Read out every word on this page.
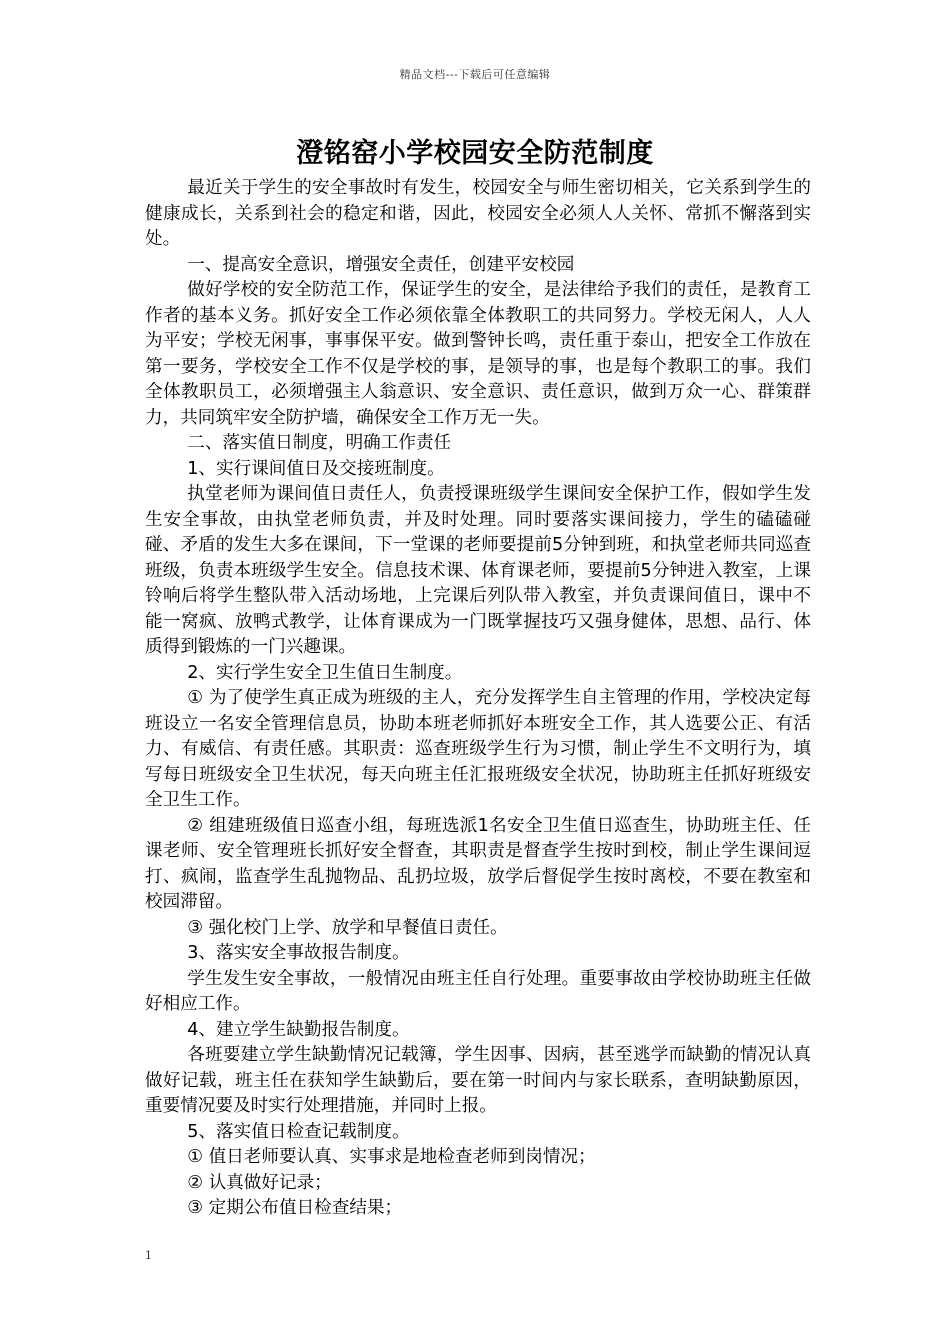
精品文档---下载后可任意编辑
澄铭窑小学校园安全防范制度

最近关于学生的安全事故时有发生，校园安全与师生密切相关，它关系到学生的健康成长，关系到社会的稳定和谐，因此，校园安全必须人人关怀、常抓不懈落到实处。

一、提高安全意识，增强安全责任，创建平安校园

做好学校的安全防范工作，保证学生的安全，是法律给予我们的责任，是教育工作者的基本义务。抓好安全工作必须依靠全体教职工的共同努力。学校无闲人，人人为平安；学校无闲事，事事保平安。做到警钟长鸣，责任重于泰山，把安全工作放在第一要务，学校安全工作不仅是学校的事，是领导的事，也是每个教职工的事。我们全体教职员工，必须增强主人翁意识、安全意识、责任意识，做到万众一心、群策群力，共同筑牢安全防护墙，确保安全工作万无一失。

二、落实值日制度，明确工作责任

1、实行课间值日及交接班制度。

执堂老师为课间值日责任人，负责授课班级学生课间安全保护工作，假如学生发生安全事故，由执堂老师负责，并及时处理。同时要落实课间接力，学生的磕磕碰碰、矛盾的发生大多在课间，下一堂课的老师要提前5分钟到班，和执堂老师共同巡查班级，负责本班级学生安全。信息技术课、体育课老师，要提前5分钟进入教室，上课铃响后将学生整队带入活动场地，上完课后列队带入教室，并负责课间值日，课中不能一窝疯、放鸭式教学，让体育课成为一门既掌握技巧又强身健体，思想、品行、体质得到锻炼的一门兴趣课。

2、实行学生安全卫生值日生制度。

① 为了使学生真正成为班级的主人，充分发挥学生自主管理的作用，学校决定每班设立一名安全管理信息员，协助本班老师抓好本班安全工作，其人选要公正、有活力、有威信、有责任感。其职责：巡查班级学生行为习惯，制止学生不文明行为，填写每日班级安全卫生状况，每天向班主任汇报班级安全状况，协助班主任抓好班级安全卫生工作。

② 组建班级值日巡查小组，每班选派1名安全卫生值日巡查生，协助班主任、任课老师、安全管理班长抓好安全督查，其职责是督查学生按时到校，制止学生课间逗打、疯闹，监查学生乱抛物品、乱扔垃圾，放学后督促学生按时离校，不要在教室和校园滞留。

③ 强化校门上学、放学和早餐值日责任。

3、落实安全事故报告制度。

学生发生安全事故，一般情况由班主任自行处理。重要事故由学校协助班主任做好相应工作。

4、建立学生缺勤报告制度。

各班要建立学生缺勤情况记载簿，学生因事、因病，甚至逃学而缺勤的情况认真做好记载，班主任在获知学生缺勤后，要在第一时间内与家长联系，查明缺勤原因，重要情况要及时实行处理措施，并同时上报。

5、落实值日检查记载制度。

① 值日老师要认真、实事求是地检查老师到岗情况；

② 认真做好记录；

③ 定期公布值日检查结果；

1
